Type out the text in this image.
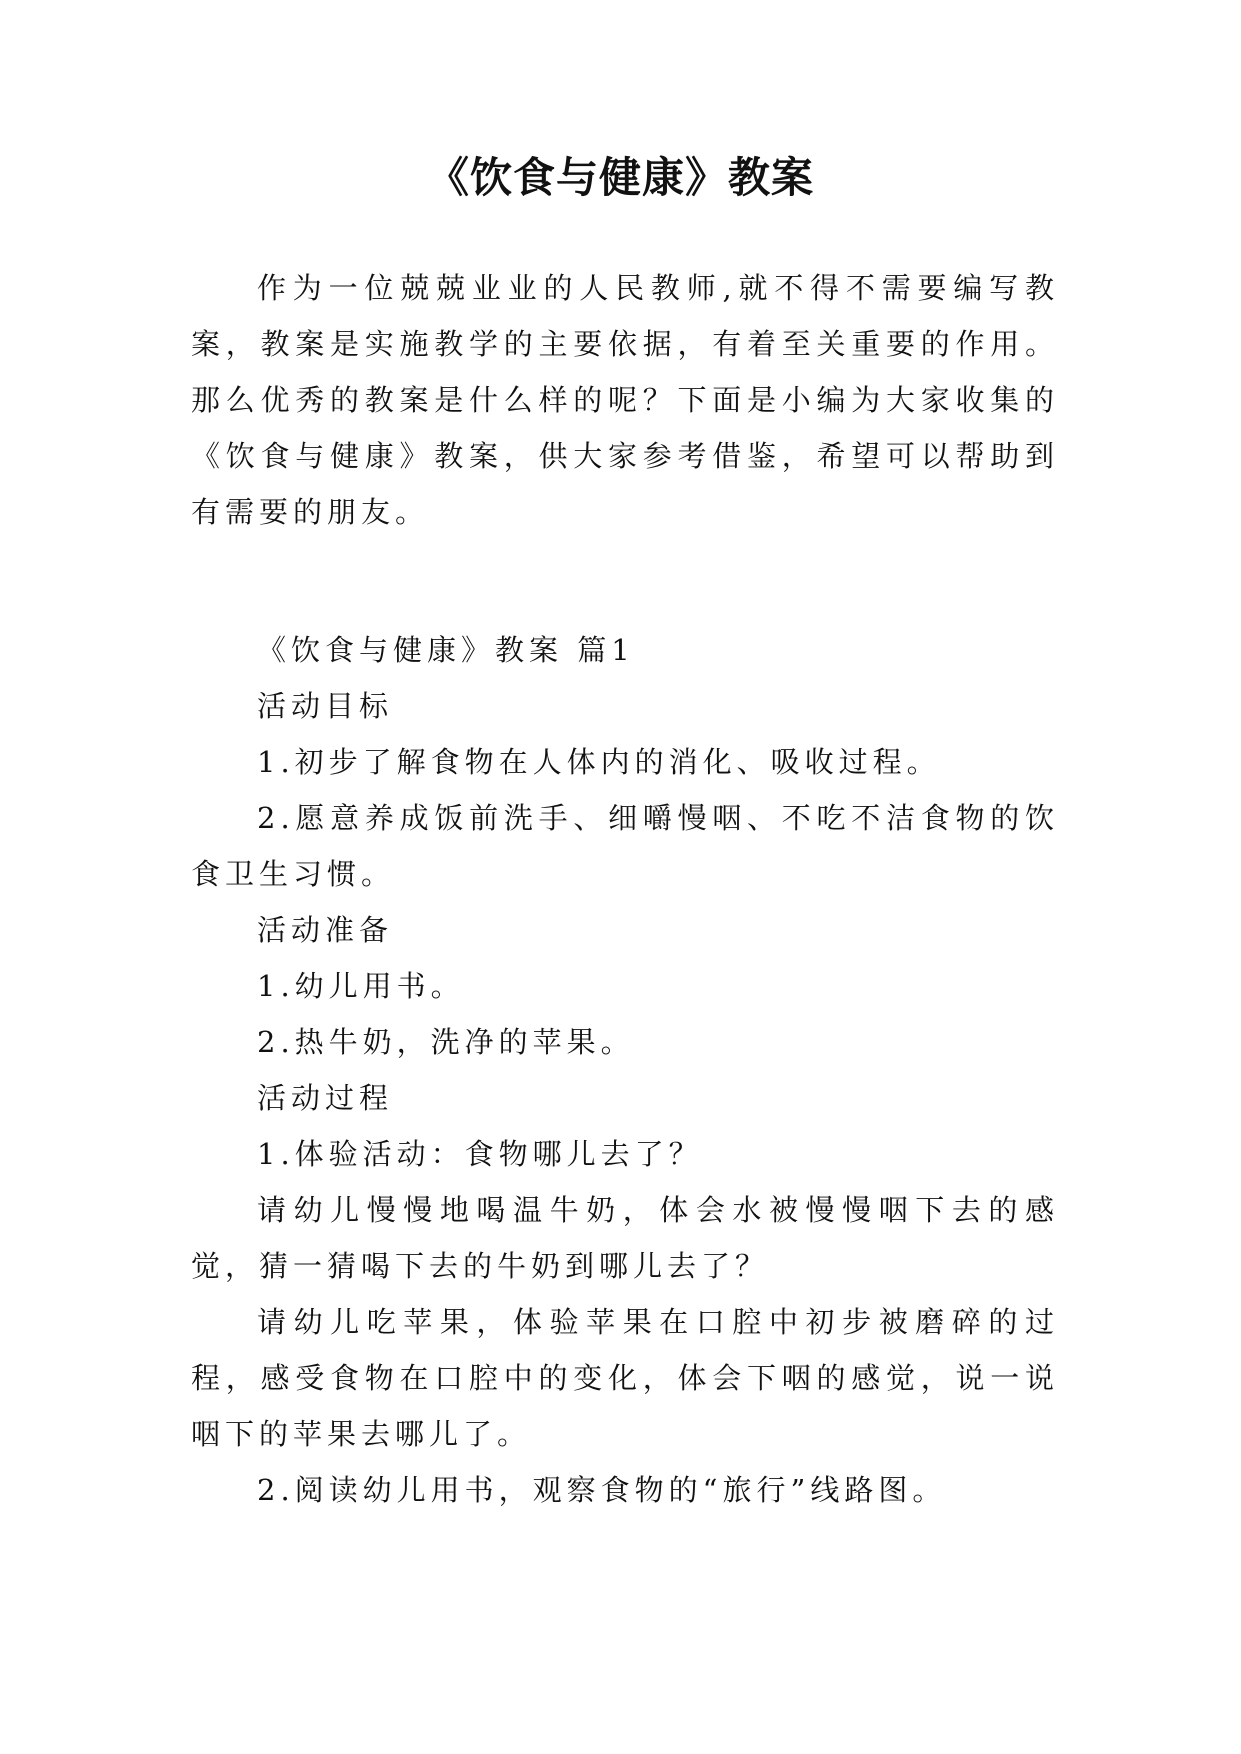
《饮食与健康》教案

作为一位兢兢业业的人民教师,就不得不需要编写教案，教案是实施教学的主要依据，有着至关重要的作用。那么优秀的教案是什么样的呢？下面是小编为大家收集的《饮食与健康》教案，供大家参考借鉴，希望可以帮助到有需要的朋友。

《饮食与健康》教案 篇1

活动目标

1.初步了解食物在人体内的消化、吸收过程。

2.愿意养成饭前洗手、细嚼慢咽、不吃不洁食物的饮食卫生习惯。

活动准备

1.幼儿用书。

2.热牛奶，洗净的苹果。

活动过程

1.体验活动：食物哪儿去了？

请幼儿慢慢地喝温牛奶，体会水被慢慢咽下去的感觉，猜一猜喝下去的牛奶到哪儿去了？

请幼儿吃苹果，体验苹果在口腔中初步被磨碎的过程，感受食物在口腔中的变化，体会下咽的感觉，说一说咽下的苹果去哪儿了。

2.阅读幼儿用书，观察食物的“旅行”线路图。
